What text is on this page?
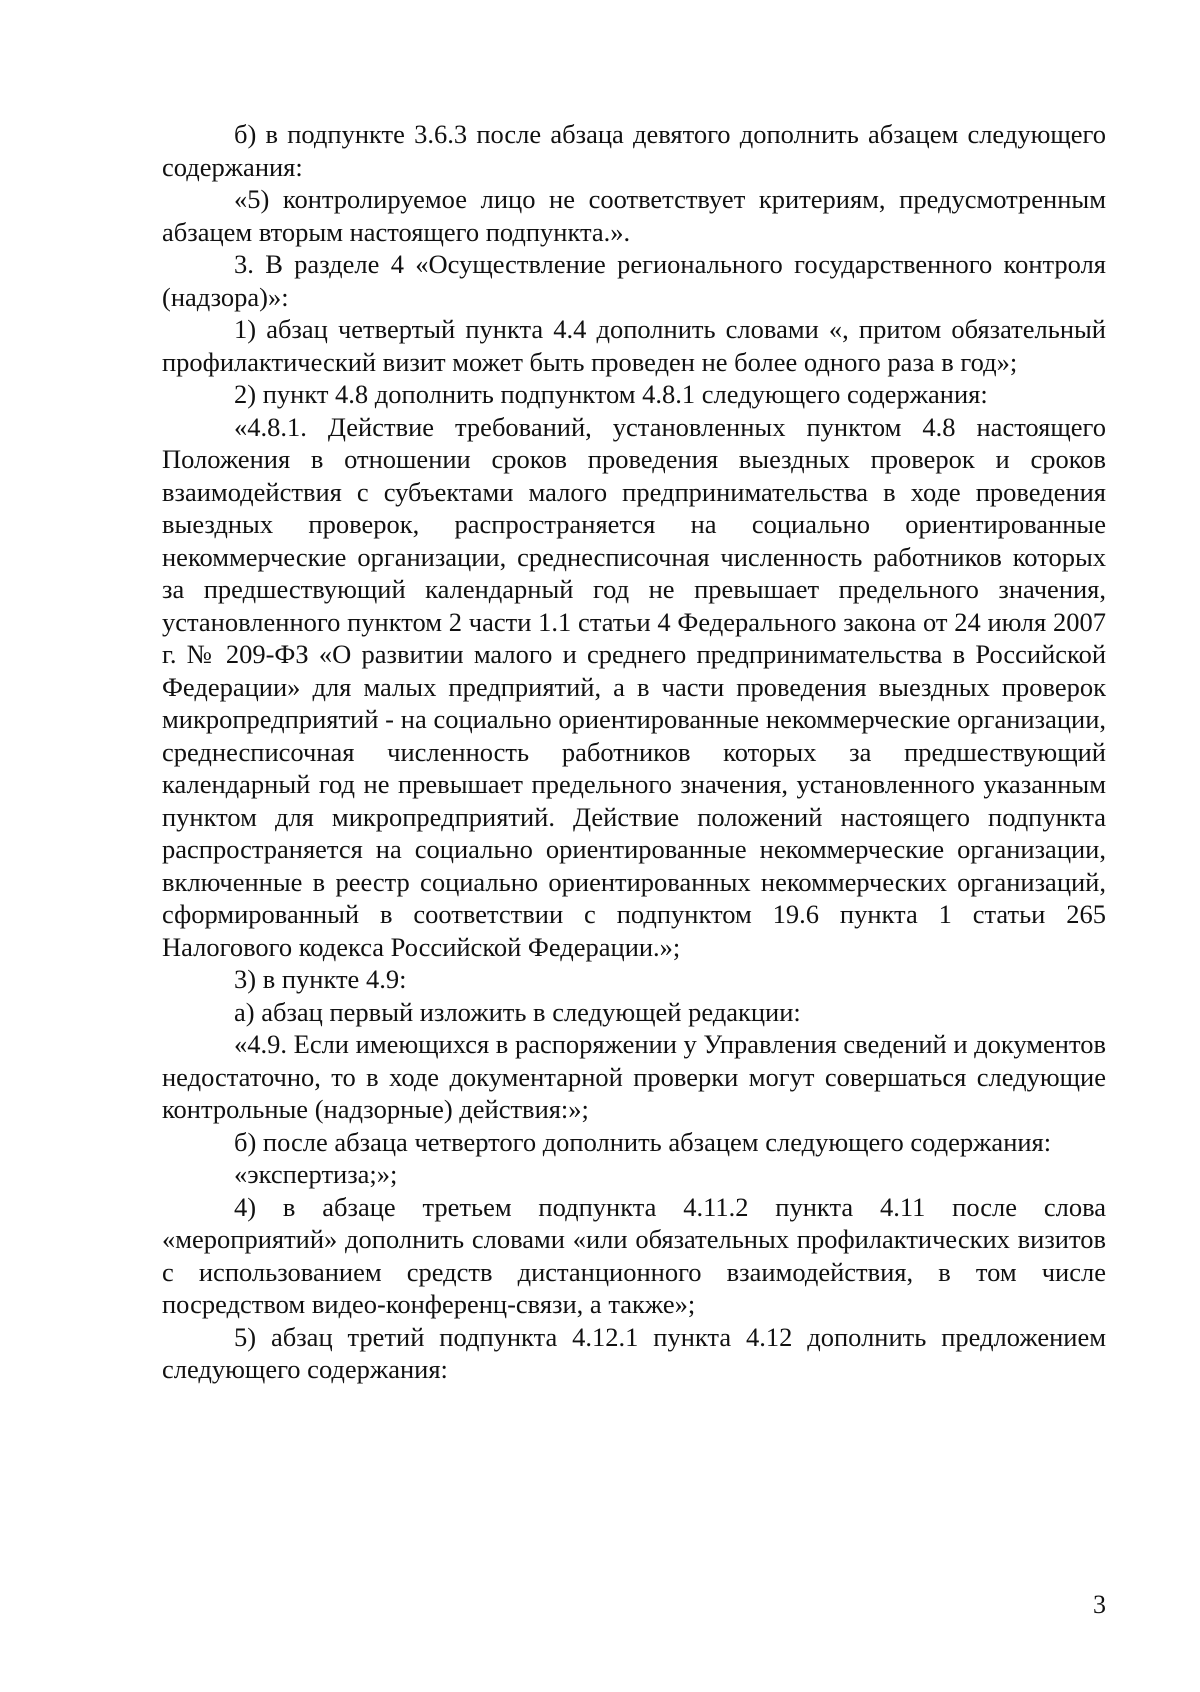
б) в подпункте 3.6.3 после абзаца девятого дополнить абзацем следующего содержания:

«5) контролируемое лицо не соответствует критериям, предусмотренным абзацем вторым настоящего подпункта.».

3. В разделе 4 «Осуществление регионального государственного контроля (надзора)»:

1) абзац четвертый пункта 4.4 дополнить словами «, притом обязательный профилактический визит может быть проведен не более одного раза в год»;

2) пункт 4.8 дополнить подпунктом 4.8.1 следующего содержания:

«4.8.1. Действие требований, установленных пунктом 4.8 настоящего Положения в отношении сроков проведения выездных проверок и сроков взаимодействия с субъектами малого предпринимательства в ходе проведения выездных проверок, распространяется на социально ориентированные некоммерческие организации, среднесписочная численность работников которых за предшествующий календарный год не превышает предельного значения, установленного пунктом 2 части 1.1 статьи 4 Федерального закона от 24 июля 2007 г. № 209-ФЗ «О развитии малого и среднего предпринимательства в Российской Федерации» для малых предприятий, а в части проведения выездных проверок микропредприятий - на социально ориентированные некоммерческие организации, среднесписочная численность работников которых за предшествующий календарный год не превышает предельного значения, установленного указанным пунктом для микропредприятий. Действие положений настоящего подпункта распространяется на социально ориентированные некоммерческие организации, включенные в реестр социально ориентированных некоммерческих организаций, сформированный в соответствии с подпунктом 19.6 пункта 1 статьи 265 Налогового кодекса Российской Федерации.»;

3) в пункте 4.9:

а) абзац первый изложить в следующей редакции:

«4.9. Если имеющихся в распоряжении у Управления сведений и документов недостаточно, то в ходе документарной проверки могут совершаться следующие контрольные (надзорные) действия:»;

б) после абзаца четвертого дополнить абзацем следующего содержания:

«экспертиза;»;

4) в абзаце третьем подпункта 4.11.2 пункта 4.11 после слова «мероприятий» дополнить словами «или обязательных профилактических визитов с использованием средств дистанционного взаимодействия, в том числе посредством видео-конференц-связи, а также»;

5) абзац третий подпункта 4.12.1 пункта 4.12 дополнить предложением следующего содержания:

3
